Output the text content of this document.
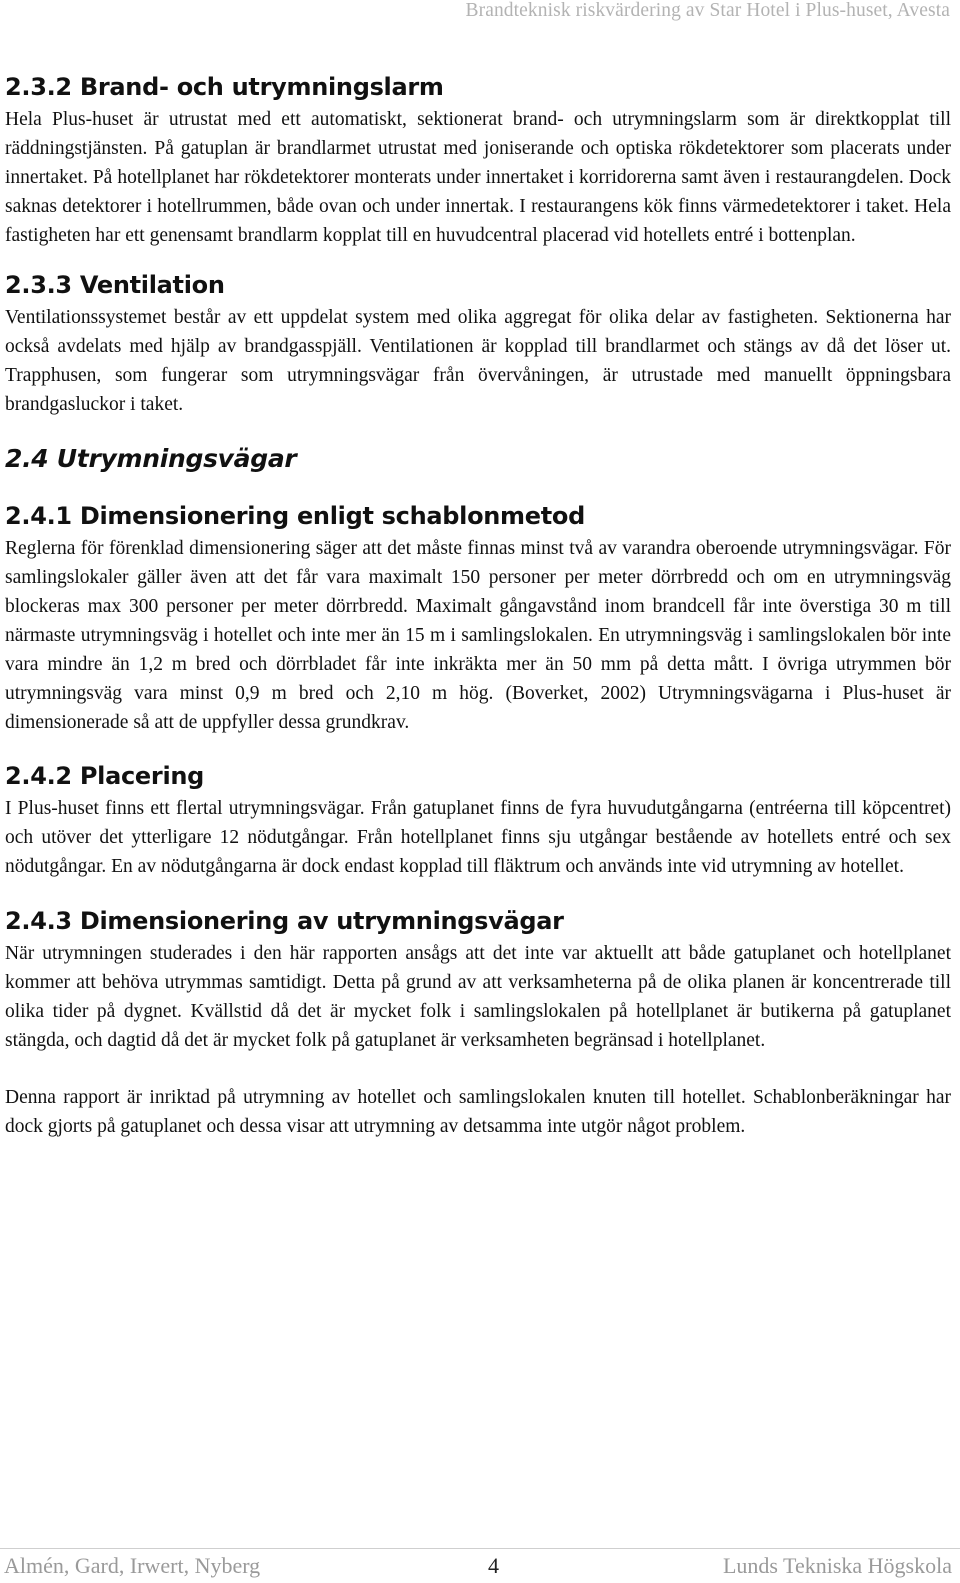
Brandteknisk riskvärdering av Star Hotel i Plus-huset, Avesta
2.3.2 Brand- och utrymningslarm

Hela Plus-huset är utrustat med ett automatiskt, sektionerat brand- och utrymningslarm som är direktkopplat till räddningstjänsten. På gatuplan är brandlarmet utrustat med joniserande och optiska rökdetektorer som placerats under innertaket. På hotellplanet har rökdetektorer monterats under innertaket i korridorerna samt även i restaurangdelen. Dock saknas detektorer i hotellrummen, både ovan och under innertak. I restaurangens kök finns värmedetektorer i taket. Hela fastigheten har ett genensamt brandlarm kopplat till en huvudcentral placerad vid hotellets entré i bottenplan.

2.3.3 Ventilation

Ventilationssystemet består av ett uppdelat system med olika aggregat för olika delar av fastigheten. Sektionerna har också avdelats med hjälp av brandgasspjäll. Ventilationen är kopplad till brandlarmet och stängs av då det löser ut. Trapphusen, som fungerar som utrymningsvägar från övervåningen, är utrustade med manuellt öppningsbara brandgasluckor i taket.

2.4 Utrymningsvägar
2.4.1 Dimensionering enligt schablonmetod

Reglerna för förenklad dimensionering säger att det måste finnas minst två av varandra oberoende utrymningsvägar. För samlingslokaler gäller även att det får vara maximalt 150 personer per meter dörrbredd och om en utrymningsväg blockeras max 300 personer per meter dörrbredd. Maximalt gångavstånd inom brandcell får inte överstiga 30 m till närmaste utrymningsväg i hotellet och inte mer än 15 m i samlingslokalen. En utrymningsväg i samlingslokalen bör inte vara mindre än 1,2 m bred och dörrbladet får inte inkräkta mer än 50 mm på detta mått. I övriga utrymmen bör utrymningsväg vara minst 0,9 m bred och 2,10 m hög. (Boverket, 2002) Utrymningsvägarna i Plus-huset är dimensionerade så att de uppfyller dessa grundkrav.

2.4.2 Placering

I Plus-huset finns ett flertal utrymningsvägar. Från gatuplanet finns de fyra huvudutgångarna (entréerna till köpcentret) och utöver det ytterligare 12 nödutgångar. Från hotellplanet finns sju utgångar bestående av hotellets entré och sex nödutgångar. En av nödutgångarna är dock endast kopplad till fläktrum och används inte vid utrymning av hotellet.

2.4.3 Dimensionering av utrymningsvägar

När utrymningen studerades i den här rapporten ansågs att det inte var aktuellt att både gatuplanet och hotellplanet kommer att behöva utrymmas samtidigt. Detta på grund av att verksamheterna på de olika planen är koncentrerade till olika tider på dygnet. Kvällstid då det är mycket folk i samlingslokalen på hotellplanet är butikerna på gatuplanet stängda, och dagtid då det är mycket folk på gatuplanet är verksamheten begränsad i hotellplanet.

Denna rapport är inriktad på utrymning av hotellet och samlingslokalen knuten till hotellet. Schablonberäkningar har dock gjorts på gatuplanet och dessa visar att utrymning av detsamma inte utgör något problem.

Almén, Gard, Irwert, Nyberg	4	Lunds Tekniska Högskola
